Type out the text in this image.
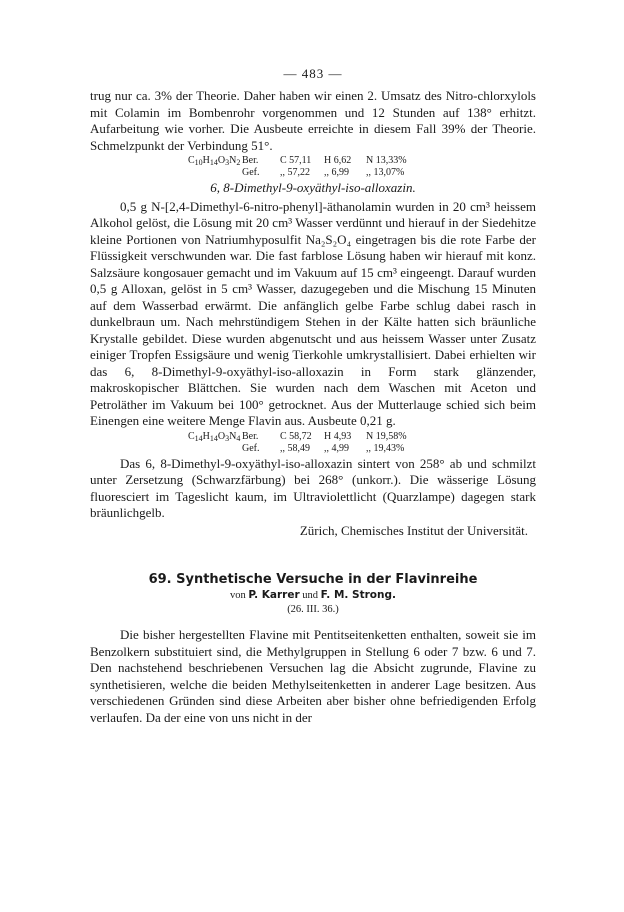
— 483 —

trug nur ca. 3% der Theorie. Daher haben wir einen 2. Umsatz des Nitro-chlorxylols mit Colamin im Bombenrohr vorgenommen und 12 Stunden auf 138° erhitzt. Aufarbeitung wie vorher. Die Ausbeute erreichte in diesem Fall 39% der Theorie. Schmelzpunkt der Verbindung 51°.

$C_{10}H_{14}O_3N_2$ Ber.	C 57,11	H 6,62	N 13,33%
Gef.	,, 57,22	,, 6,99	,, 13,07%
6, 8-Dimethyl-9-oxyäthyl-iso-alloxazin.

0,5 g N-[2,4-Dimethyl-6-nitro-phenyl]-äthanolamin wurden in 20 cm³ heissem Alkohol gelöst, die Lösung mit 20 cm³ Wasser verdünnt und hierauf in der Siedehitze kleine Portionen von Natriumhyposulfit Na₂S₂O₄ eingetragen bis die rote Farbe der Flüssigkeit verschwunden war. Die fast farblose Lösung haben wir hierauf mit konz. Salzsäure kongosauer gemacht und im Vakuum auf 15 cm³ eingeengt. Darauf wurden 0,5 g Alloxan, gelöst in 5 cm³ Wasser, dazugegeben und die Mischung 15 Minuten auf dem Wasserbad erwärmt. Die anfänglich gelbe Farbe schlug dabei rasch in dunkelbraun um. Nach mehrstündigem Stehen in der Kälte hatten sich bräunliche Krystalle gebildet. Diese wurden abgenutscht und aus heissem Wasser unter Zusatz einiger Tropfen Essigsäure und wenig Tierkohle umkrystallisiert. Dabei erhielten wir das 6, 8-Dimethyl-9-oxyäthyl-iso-alloxazin in Form stark glänzender, makroskopischer Blättchen. Sie wurden nach dem Waschen mit Aceton und Petroläther im Vakuum bei 100° getrocknet. Aus der Mutterlauge schied sich beim Einengen eine weitere Menge Flavin aus. Ausbeute 0,21 g.

$C_{14}H_{14}O_3N_4$ Ber.	C 58,72	H 4,93	N 19,58%
Gef.	,, 58,49	,, 4,99	,, 19,43%

Das 6, 8-Dimethyl-9-oxyäthyl-iso-alloxazin sintert von 258° ab und schmilzt unter Zersetzung (Schwarzfärbung) bei 268° (unkorr.). Die wässerige Lösung fluoresciert im Tageslicht kaum, im Ultraviolettlicht (Quarzlampe) dagegen stark bräunlichgelb.

Zürich, Chemisches Institut der Universität.
69. Synthetische Versuche in der Flavinreihe
von P. Karrer und F. M. Strong.
(26. III. 36.)

Die bisher hergestellten Flavine mit Pentitseitenketten enthalten, soweit sie im Benzolkern substituiert sind, die Methylgruppen in Stellung 6 oder 7 bzw. 6 und 7. Den nachstehend beschriebenen Versuchen lag die Absicht zugrunde, Flavine zu synthetisieren, welche die beiden Methylseitenketten in anderer Lage besitzen. Aus verschiedenen Gründen sind diese Arbeiten aber bisher ohne befriedigenden Erfolg verlaufen. Da der eine von uns nicht in der
